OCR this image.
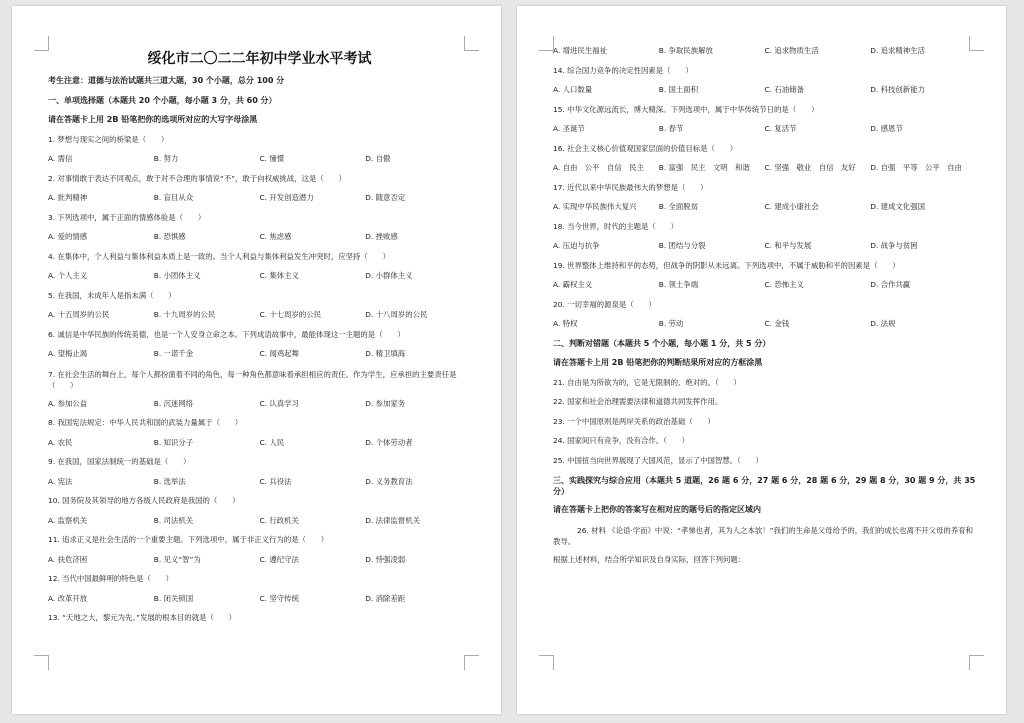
绥化市二〇二二年初中学业水平考试
考生注意：道德与法治试题共三道大题，30 个小题，总分 100 分
一、单项选择题（本题共 20 个小题，每小题 3 分，共 60 分）
请在答题卡上用 2B 铅笔把你的选项所对应的大写字母涂黑
1. 梦想与现实之间的桥梁是（　　）
A. 需信	B. 努力	C. 憧憬	D. 自傲
2. 对事情敢于表达不同观点，敢于对不合理的事情说“不”，敢于向权威挑战，这是（　　）
A. 批判精神	B. 盲目从众	C. 开发创造潜力	D. 随意否定
3. 下列选项中，属于正面的情感体验是（　　）
A. 爱的情感	B. 恐惧感	C. 焦虑感	D. 挫败感
4. 在集体中，个人利益与集体利益本质上是一致的。当个人利益与集体利益发生冲突时，应坚持（　　）
A. 个人主义	B. 小团体主义	C. 集体主义	D. 小群体主义
5. 在我国，未成年人是指未满（　　）
A. 十五周岁的公民	B. 十九周岁的公民	C. 十七周岁的公民	D. 十八周岁的公民
6. 诚信是中华民族的传统美德，也是一个人安身立命之本。下列成语故事中，最能体现这一主题的是（　　）
A. 望梅止渴	B. 一诺千金	C. 闻鸡起舞	D. 精卫填海
7. 在社会生活的舞台上，每个人都扮演着不同的角色，每一种角色都意味着承担相应的责任。作为学生，应承担的主要责任是（　　）
A. 参加公益	B. 沉迷网络	C. 认真学习	D. 参加家务
8. 我国宪法规定：中华人民共和国的武装力量属于（　　）
A. 农民	B. 知识分子	C. 人民	D. 个体劳动者
9. 在我国，国家法制统一的基础是（　　）
A. 宪法	B. 选举法	C. 兵役法	D. 义务教育法
10. 国务院及其领导的地方各级人民政府是我国的（　　）
A. 监察机关	B. 司法机关	C. 行政机关	D. 法律监督机关
11. 追求正义是社会生活的一个重要主题。下列选项中，属于非正义行为的是（　　）
A. 扶危济困	B. 见义“智”为	C. 遵纪守法	D. 恃强凌弱
12. 当代中国最鲜明的特色是（　　）
A. 改革开放	B. 闭关锁国	C. 坚守传统	D. 消除差距
13. “天地之大，黎元为先。”发展的根本目的就是（　　）
A. 增进民生福祉	B. 争取民族解放	C. 追求物质生活	D. 追求精神生活
14. 综合国力竞争的决定性因素是（　　）
A. 人口数量	B. 国土面积	C. 石油储备	D. 科技创新能力
15. 中华文化源远流长，博大精深。下列选项中，属于中华传统节日的是（　　）
A. 圣诞节	B. 春节	C. 复活节	D. 感恩节
16. 社会主义核心价值观国家层面的价值目标是（　　）
A. 自由　公平　自信　民主	B. 富强　民主　文明　和谐	C. 坚强　敬业　自信　友好	D. 自强　平等　公平　自由
17. 近代以来中华民族最伟大的梦想是（　　）
A. 实现中华民族伟大复兴	B. 全面脱贫	C. 建成小康社会	D. 建成文化强国
18. 当今世界，时代的主题是（　　）
A. 压迫与抗争	B. 团结与分裂	C. 和平与发展	D. 战争与贫困
19. 世界整体上维持和平的态势，但战争的阴影从未远离。下列选项中，不属于威胁和平的因素是（　　）
A. 霸权主义	B. 领土争端	C. 恐怖主义	D. 合作共赢
20. 一切幸福的源泉是（　　）
A. 特权	B. 劳动	C. 金钱	D. 法规
二、判断对错题（本题共 5 个小题，每小题 1 分，共 5 分）
请在答题卡上用 2B 铅笔把你的判断结果所对应的方框涂黑
21. 自由是为所欲为的，它是无限制的、绝对的。（　　）
22. 国家和社会治理需要法律和道德共同发挥作用。
23. 一个中国原则是两岸关系的政治基础（　　）
24. 国家间只有竞争，没有合作。（　　）
25. 中国扭当向世界展现了大国风范，显示了中国智慧。（　　）
三、实践探究与综合应用（本题共 5 道题，26 题 6 分，27 题 6 分，28 题 6 分，29 题 8 分，30 题 9 分，共 35 分）
请在答题卡上把你的答案写在相对应的题号后的指定区域内
26. 材料 《论语·学而》中说：“孝悌也者，其为人之本欤！”我们的生命是父母给予的，我们的成长也离不开父母的养育和教导。
根据上述材料，结合所学知识及自身实际，回答下列问题：
